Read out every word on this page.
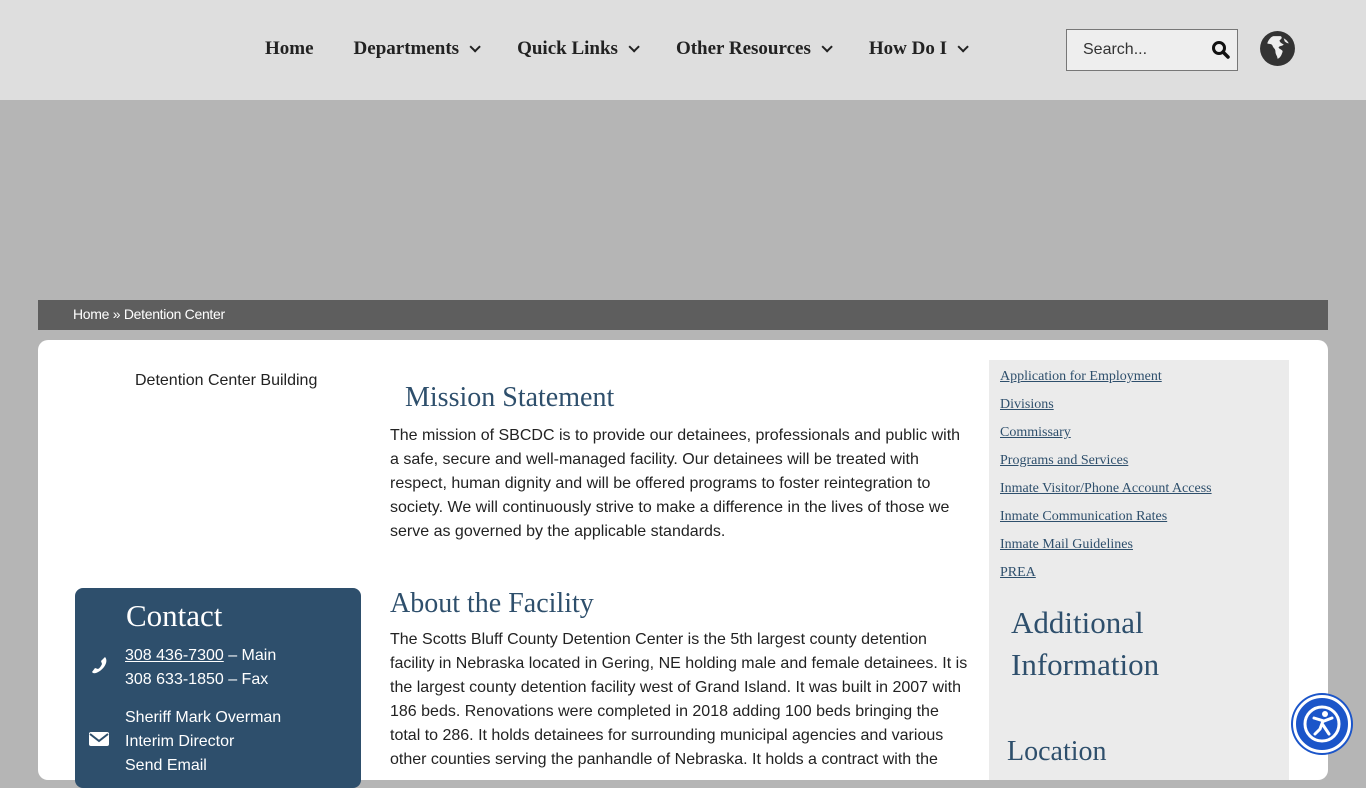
Home Departments	Quick Links	Other Resources	How Do I	Search...
Home » Detention Center
Detention Center Building
Contact
308 436-7300 – Main
308 633-1850 – Fax
Sheriff Mark Overman
Interim Director
Send Email
Mission Statement

The mission of SBCDC is to provide our detainees, professionals and public with a safe, secure and well-managed facility. Our detainees will be treated with respect, human dignity and will be offered programs to foster reintegration to society. We will continuously strive to make a difference in the lives of those we serve as governed by the applicable standards.

About the Facility

The Scotts Bluff County Detention Center is the 5th largest county detention facility in Nebraska located in Gering, NE holding male and female detainees. It is the largest county detention facility west of Grand Island. It was built in 2007 with 186 beds. Renovations were completed in 2018 adding 100 beds bringing the total to 286. It holds detainees for surrounding municipal agencies and various other counties serving the panhandle of Nebraska. It holds a contract with the

Application for Employment
Divisions
Commissary
Programs and Services
Inmate Visitor/Phone Account Access
Inmate Communication Rates
Inmate Mail Guidelines
PREA
Additional Information
Location
